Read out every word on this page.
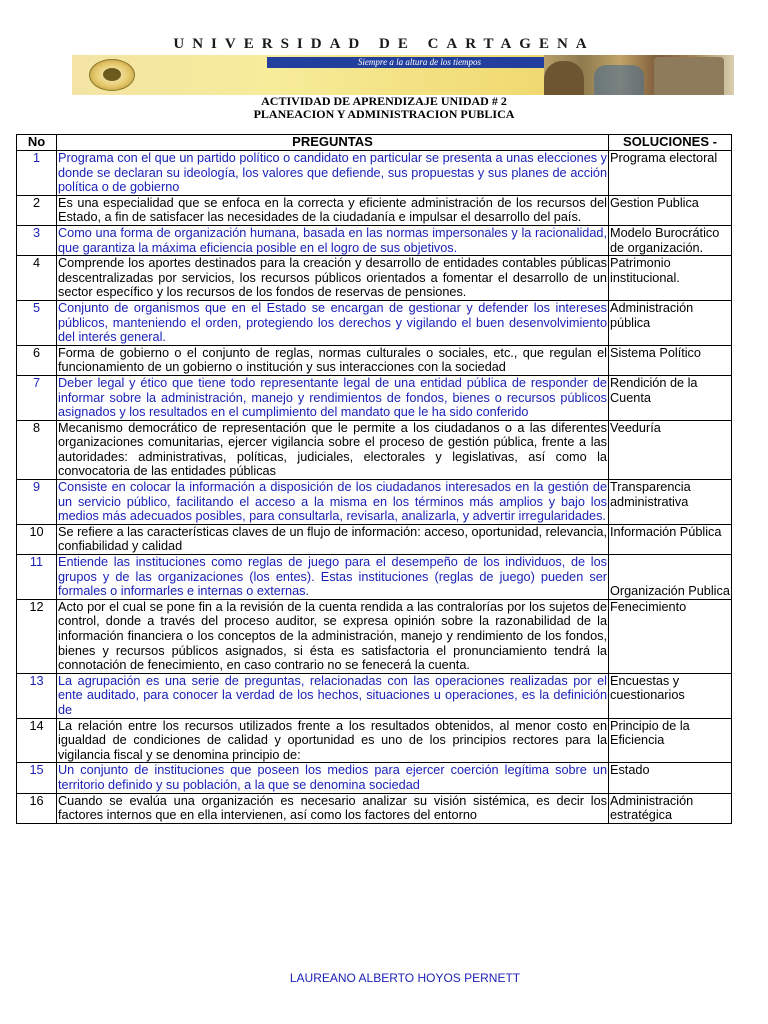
UNIVERSIDAD DE CARTAGENA
Siempre a la altura de los tiempos
ACTIVIDAD DE APRENDIZAJE UNIDAD # 2
PLANEACION Y ADMINISTRACION PUBLICA
No	PREGUNTAS	SOLUCIONES -
1	Programa con el que un partido político o candidato en particular se presenta a unas elecciones y donde se declaran su ideología, los valores que defiende, sus propuestas y sus planes de acción política o de gobierno	Programa electoral
2	Es una especialidad que se enfoca en la correcta y eficiente administración de los recursos del Estado, a fin de satisfacer las necesidades de la ciudadanía e impulsar el desarrollo del país.	Gestion Publica
3	Como una forma de organización humana, basada en las normas impersonales y la racionalidad, que garantiza la máxima eficiencia posible en el logro de sus objetivos.	Modelo Burocrático de organización.
4	Comprende los aportes destinados para la creación y desarrollo de entidades contables públicas descentralizadas por servicios, los recursos públicos orientados a fomentar el desarrollo de un sector específico y los recursos de los fondos de reservas de pensiones.	Patrimonio institucional.
5	Conjunto de organismos que en el Estado se encargan de gestionar y defender los intereses públicos, manteniendo el orden, protegiendo los derechos y vigilando el buen desenvolvimiento del interés general.	Administración pública
6	Forma de gobierno o el conjunto de reglas, normas culturales o sociales, etc., que regulan el funcionamiento de un gobierno o institución y sus interacciones con la sociedad	Sistema Político
7	Deber legal y ético que tiene todo representante legal de una entidad pública de responder de informar sobre la administración, manejo y rendimientos de fondos, bienes o recursos públicos asignados y los resultados en el cumplimiento del mandato que le ha sido conferido	Rendición de la Cuenta
8	Mecanismo democrático de representación que le permite a los ciudadanos o a las diferentes organizaciones comunitarias, ejercer vigilancia sobre el proceso de gestión pública, frente a las autoridades: administrativas, políticas, judiciales, electorales y legislativas, así como la convocatoria de las entidades públicas	Veeduría
9	Consiste en colocar la información a disposición de los ciudadanos interesados en la gestión de un servicio público, facilitando el acceso a la misma en los términos más amplios y bajo los medios más adecuados posibles, para consultarla, revisarla, analizarla, y advertir irregularidades.	Transparencia administrativa
10	Se refiere a las características claves de un flujo de información: acceso, oportunidad, relevancia, confiabilidad y calidad	Información Pública
11	Entiende las instituciones como reglas de juego para el desempeño de los individuos, de los grupos y de las organizaciones (los entes). Estas instituciones (reglas de juego) pueden ser formales o informarles e internas o externas.	Organización Publica
12	Acto por el cual se pone fin a la revisión de la cuenta rendida a las contralorías por los sujetos de control, donde a través del proceso auditor, se expresa opinión sobre la razonabilidad de la información financiera o los conceptos de la administración, manejo y rendimiento de los fondos, bienes y recursos públicos asignados, si ésta es satisfactoria el pronunciamiento tendrá la connotación de fenecimiento, en caso contrario no se fenecerá la cuenta.	Fenecimiento
13	La agrupación es una serie de preguntas, relacionadas con las operaciones realizadas por el ente auditado, para conocer la verdad de los hechos, situaciones u operaciones, es la definición de	Encuestas y cuestionarios
14	La relación entre los recursos utilizados frente a los resultados obtenidos, al menor costo en igualdad de condiciones de calidad y oportunidad es uno de los principios rectores para la vigilancia fiscal y se denomina principio de:	Principio de la Eficiencia
15	Un conjunto de instituciones que poseen los medios para ejercer coerción legítima sobre un territorio definido y su población, a la que se denomina sociedad	Estado
16	Cuando se evalúa una organización es necesario analizar su visión sistémica, es decir los factores internos que en ella intervienen, así como los factores del entorno	Administración estratégica
LAUREANO ALBERTO HOYOS PERNETT
